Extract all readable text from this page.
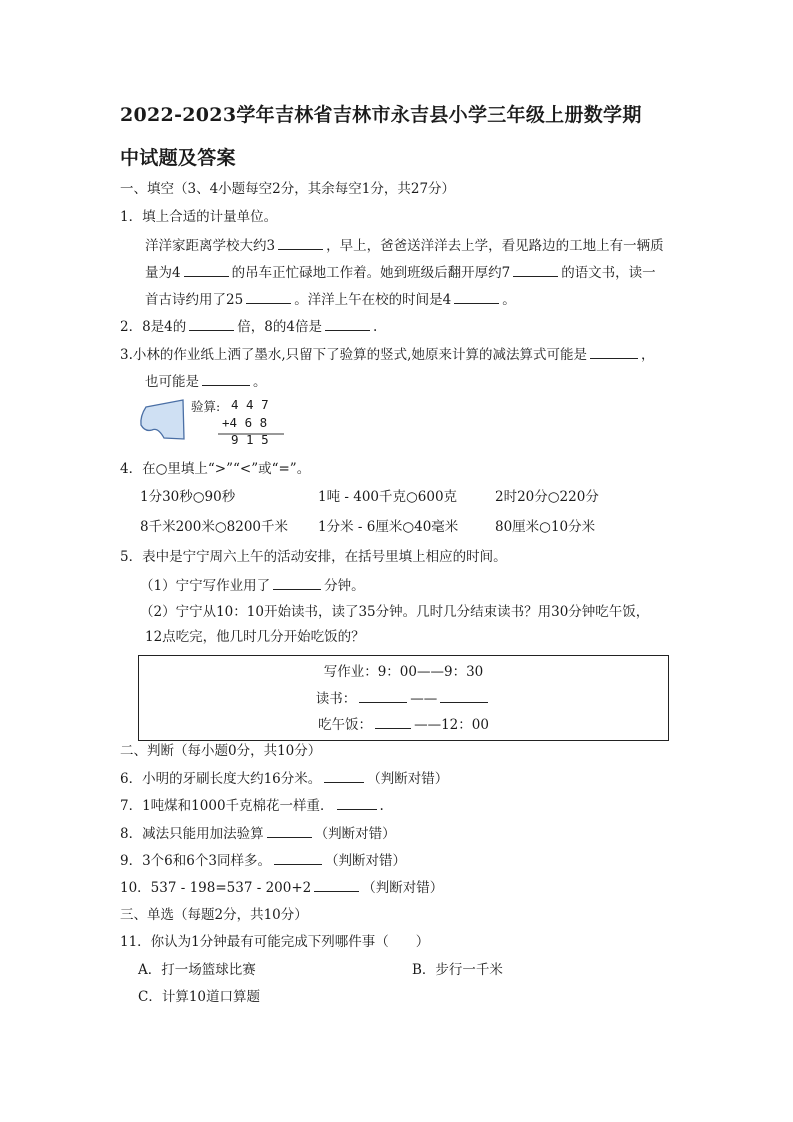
2022-2023学年吉林省吉林市永吉县小学三年级上册数学期
中试题及答案
一、填空（3、4小题每空2分，其余每空1分，共27分）
1．填上合适的计量单位。
洋洋家距离学校大约3	，早上，爸爸送洋洋去上学，看见路边的工地上有一辆质
量为4	的吊车正忙碌地工作着。她到班级后翻开厚约7	的语文书，读一
首古诗约用了25	。洋洋上午在校的时间是4	。
2．8是4的	倍，8的4倍是	.
3.小林的作业纸上洒了墨水,只留下了验算的竖式,她原来计算的减法算式可能是	，
也可能是	。
验算: 4 4 7
+4 6 8
9 1 5
4．在○里填上“>”“<”或“=”。
1分30秒○90秒	1吨 - 400千克○600克	2时20分○220分
8千米200米○8200千米 1分米 - 6厘米○40毫米	80厘米○10分米
5．表中是宁宁周六上午的活动安排，在括号里填上相应的时间。
（1）宁宁写作业用了	分钟。
（2）宁宁从10：10开始读书，读了35分钟。几时几分结束读书？用30分钟吃午饭，
12点吃完，他几时几分开始吃饭的？
写作业：9：00——9：30
读书：	——
吃午饭：	——12：00
二、判断（每小题0分，共10分）
6．小明的牙刷长度大约16分米。	（判断对错）
7．1吨煤和1000千克棉花一样重．	.
8．减法只能用加法验算	（判断对错）
9．3个6和6个3同样多。	（判断对错）
10．537 - 198=537 - 200+2	（判断对错）
三、单选（每题2分，共10分）
11．你认为1分钟最有可能完成下列哪件事（　　）
A．打一场篮球比赛	B．步行一千米
C．计算10道口算题
